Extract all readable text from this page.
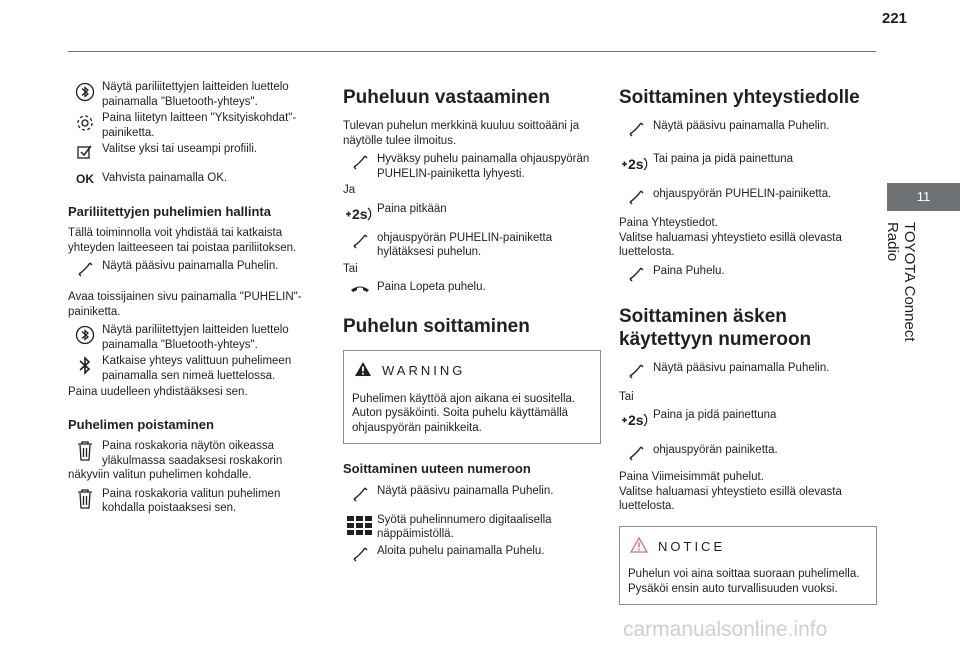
221
11
TOYOTA Connect Radio
Näytä pariliitettyjen laitteiden luettelo painamalla "Bluetooth-yhteys".
Paina liitetyn laitteen "Yksityiskohdat"-painiketta.
Valitse yksi tai useampi profiili.
OK Vahvista painamalla OK.
Pariliitettyjen puhelimien hallinta

Tällä toiminnolla voit yhdistää tai katkaista yhteyden laitteeseen tai poistaa pariliitoksen.

Näytä pääsivu painamalla Puhelin.

Avaa toissijainen sivu painamalla "PUHELIN"-painiketta.

Näytä pariliitettyjen laitteiden luettelo painamalla "Bluetooth-yhteys".
Katkaise yhteys valittuun puhelimeen painamalla sen nimeä luettelossa.

Paina uudelleen yhdistääksesi sen.

Puhelimen poistaminen
Paina roskakoria näytön oikeassa yläkulmassa saadaksesi roskakorin

näkyviin valitun puhelimen kohdalle.

Paina roskakoria valitun puhelimen kohdalla poistaaksesi sen.
Puheluun vastaaminen

Tulevan puhelun merkkinä kuuluu soittoääni ja näytölle tulee ilmoitus.

Hyväksy puhelu painamalla ohjauspyörän PUHELIN-painiketta lyhyesti.

Ja

2s Paina pitkään
ohjauspyörän PUHELIN-painiketta hylätäksesi puhelun.

Tai

Paina Lopeta puhelu.
Puhelun soittaminen
WARNING
Puhelimen käyttöä ajon aikana ei suositella. Auton pysäköinti. Soita puhelu käyttämällä ohjauspyörän painikkeita.
Soittaminen uuteen numeroon
Näytä pääsivu painamalla Puhelin.
Syötä puhelinnumero digitaalisella näppäimistöllä.
Aloita puhelu painamalla Puhelu.
Soittaminen yhteystiedolle
Näytä pääsivu painamalla Puhelin.
2s Tai paina ja pidä painettuna
ohjauspyörän PUHELIN-painiketta.

Paina Yhteystiedot.

Valitse haluamasi yhteystieto esillä olevasta luettelosta.

Paina Puhelu.
Soittaminen äsken käytettyyn numeroon
Näytä pääsivu painamalla Puhelin.

Tai

2s Paina ja pidä painettuna
ohjauspyörän painiketta.

Paina Viimeisimmät puhelut.

Valitse haluamasi yhteystieto esillä olevasta luettelosta.

NOTICE
Puhelun voi aina soittaa suoraan puhelimella. Pysäköi ensin auto turvallisuuden vuoksi.
carmanualsonline.info
